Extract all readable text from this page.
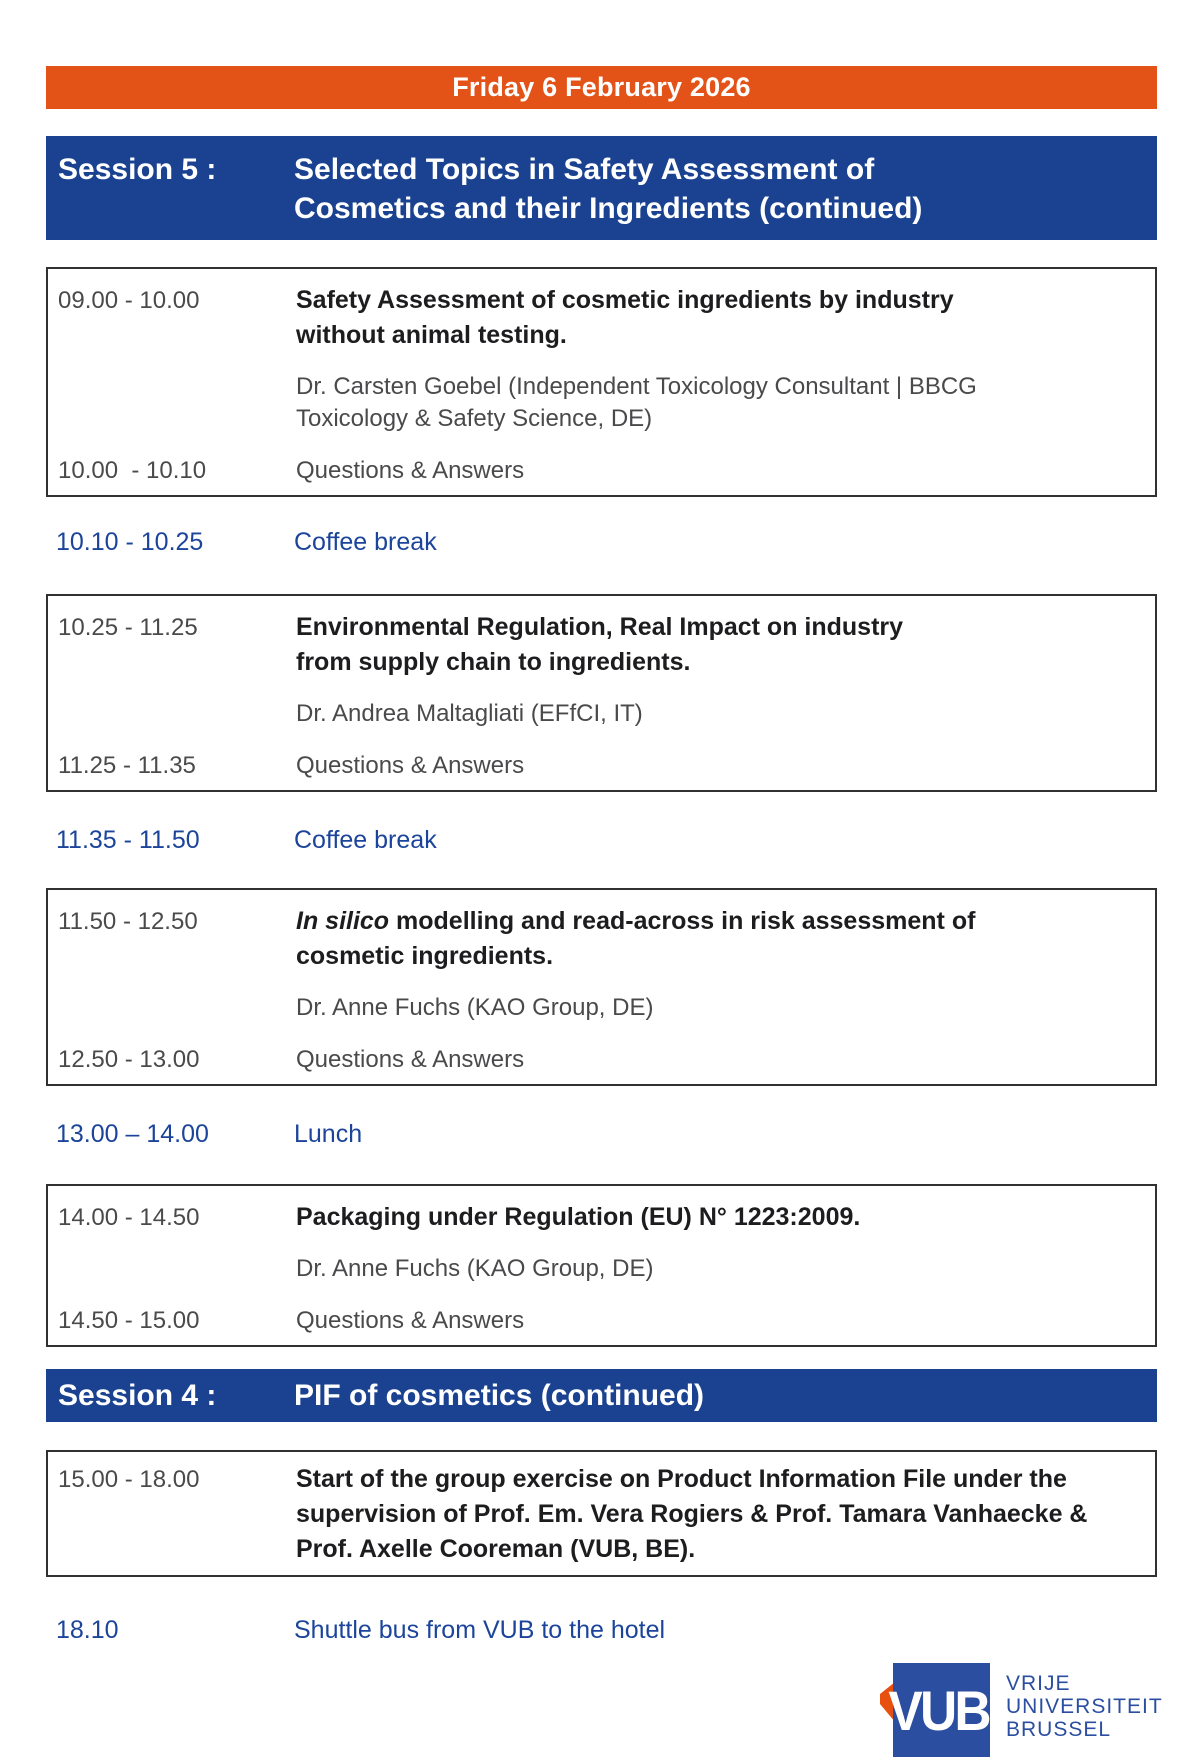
Friday 6 February 2026
Session 5 :	Selected Topics in Safety Assessment of
Cosmetics and their Ingredients (continued)
09.00 - 10.00	Safety Assessment of cosmetic ingredients by industry
without animal testing.
Dr. Carsten Goebel (Independent Toxicology Consultant | BBCG
Toxicology & Safety Science, DE)
10.00  - 10.10	Questions & Answers
10.10 - 10.25	Coffee break
10.25 - 11.25	Environmental Regulation, Real Impact on industry
from supply chain to ingredients.
Dr. Andrea Maltagliati (EFfCI, IT)
11.25 - 11.35	Questions & Answers
11.35 - 11.50	Coffee break
11.50 - 12.50	In silico modelling and read-across in risk assessment of
cosmetic ingredients.
Dr. Anne Fuchs (KAO Group, DE)
12.50 - 13.00	Questions & Answers
13.00 – 14.00	Lunch
14.00 - 14.50	Packaging under Regulation (EU) N° 1223:2009.
Dr. Anne Fuchs (KAO Group, DE)
14.50 - 15.00	Questions & Answers
Session 4 :	PIF of cosmetics (continued)
15.00 - 18.00	Start of the group exercise on Product Information File under the
supervision of Prof. Em. Vera Rogiers & Prof. Tamara Vanhaecke &
Prof. Axelle Cooreman (VUB, BE).
18.10	Shuttle bus from VUB to the hotel
VUB VRIJE
UNIVERSITEIT
BRUSSEL
